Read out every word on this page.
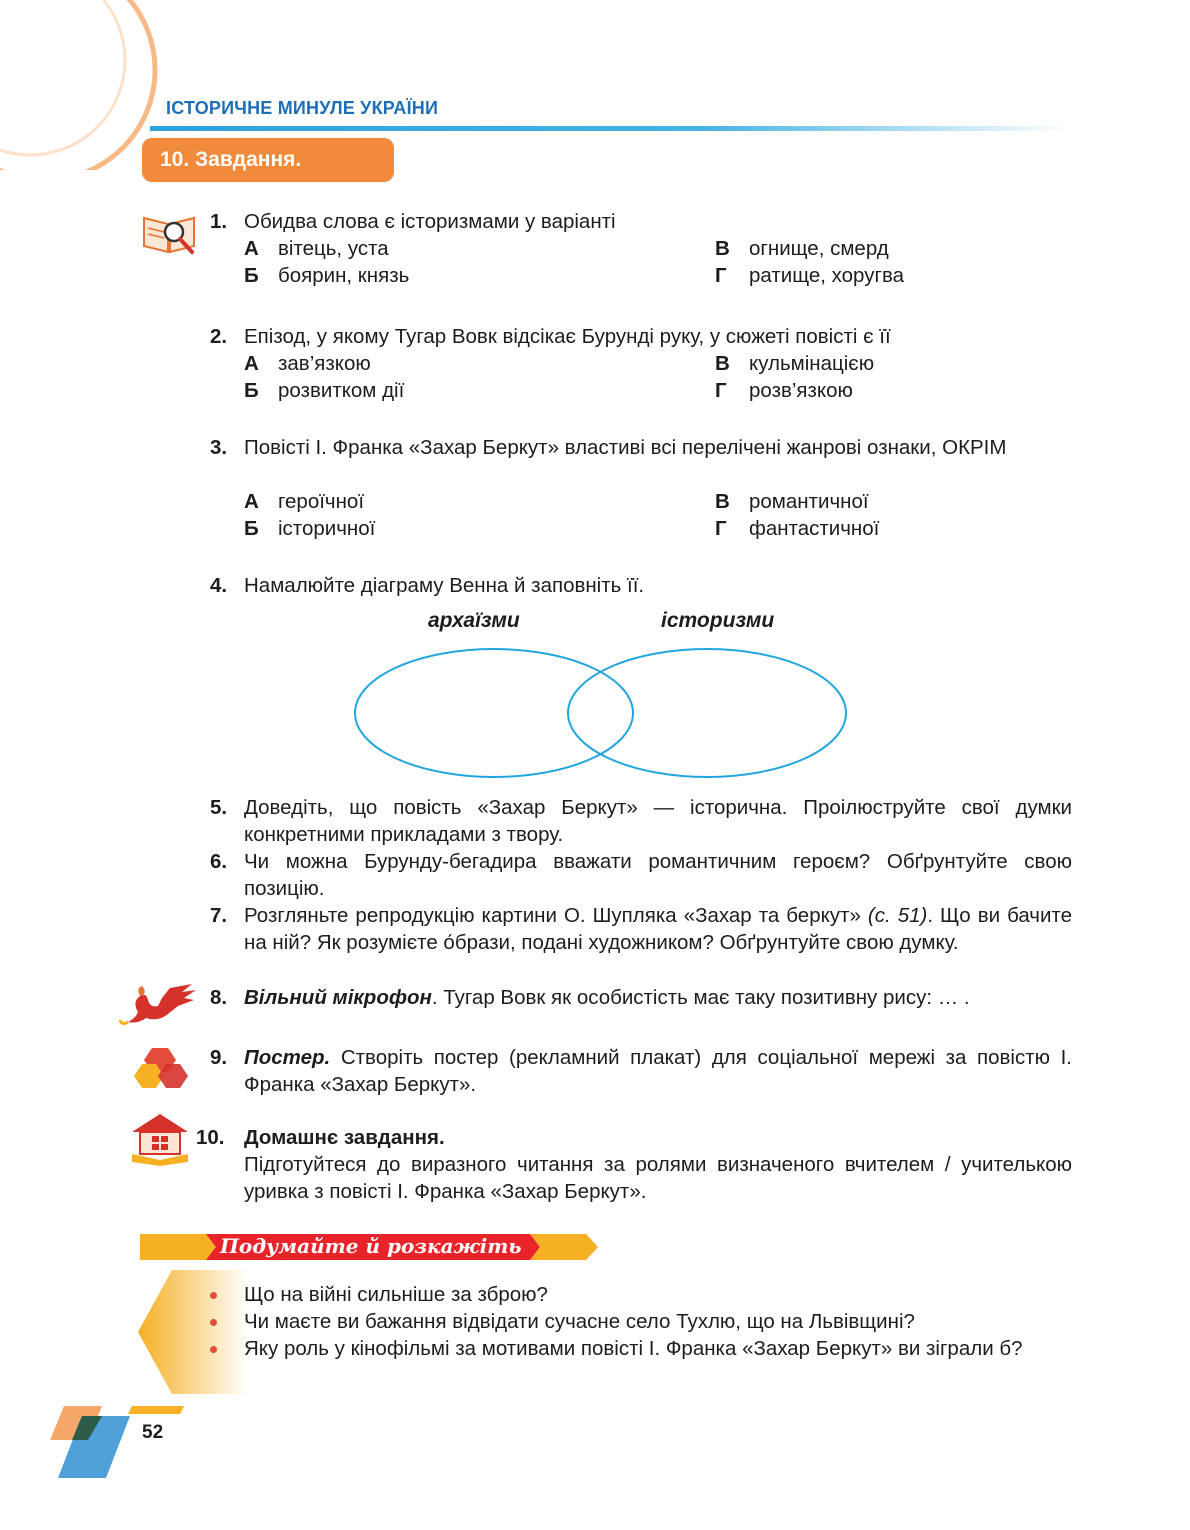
ІСТОРИЧНЕ МИНУЛЕ УКРАЇНИ
10. Завдання.
1. Обидва слова є історизмами у варіанті
А вітець, уста
Б боярин, князь
В огнище, смерд
Г ратище, хоругва
2. Епізод, у якому Тугар Вовк відсікає Бурунді руку, у сюжеті повісті є її
А зав’язкою
Б розвитком дії
В кульмінацією
Г розв’язкою
3. Повісті І. Франка «Захар Беркут» властиві всі перелічені жанрові ознаки, ОКРІМ
А героїчної
Б історичної
В романтичної
Г фантастичної
4. Намалюйте діаграму Венна й заповніть її.
архаїзми	історизми
5. Доведіть, що повість «Захар Беркут» — історична. Проілюструйте свої думки конкретними прикладами з твору.
6. Чи можна Бурунду-бегадира вважати романтичним героєм? Обґрунтуйте свою позицію.
7. Розгляньте репродукцію картини О. Шупляка «Захар та беркут» (с. 51). Що ви бачите на ній? Як розумієте о́брази, подані художником? Обґрунтуйте свою думку.
8. Вільний мікрофон. Тугар Вовк як особистість має таку позитивну рису: … .
9. Постер. Створіть постер (рекламний плакат) для соціальної мережі за повістю І. Франка «Захар Беркут».
10. Домашнє завдання.
Підготуйтеся до виразного читання за ролями визначеного вчителем / учителькою уривка з повісті І. Франка «Захар Беркут».
Подумайте й розкажіть
Що на війні сильніше за зброю?
Чи маєте ви бажання відвідати сучасне село Тухлю, що на Львівщині?
Яку роль у кінофільмі за мотивами повісті І. Франка «Захар Беркут» ви зіграли б?
52
